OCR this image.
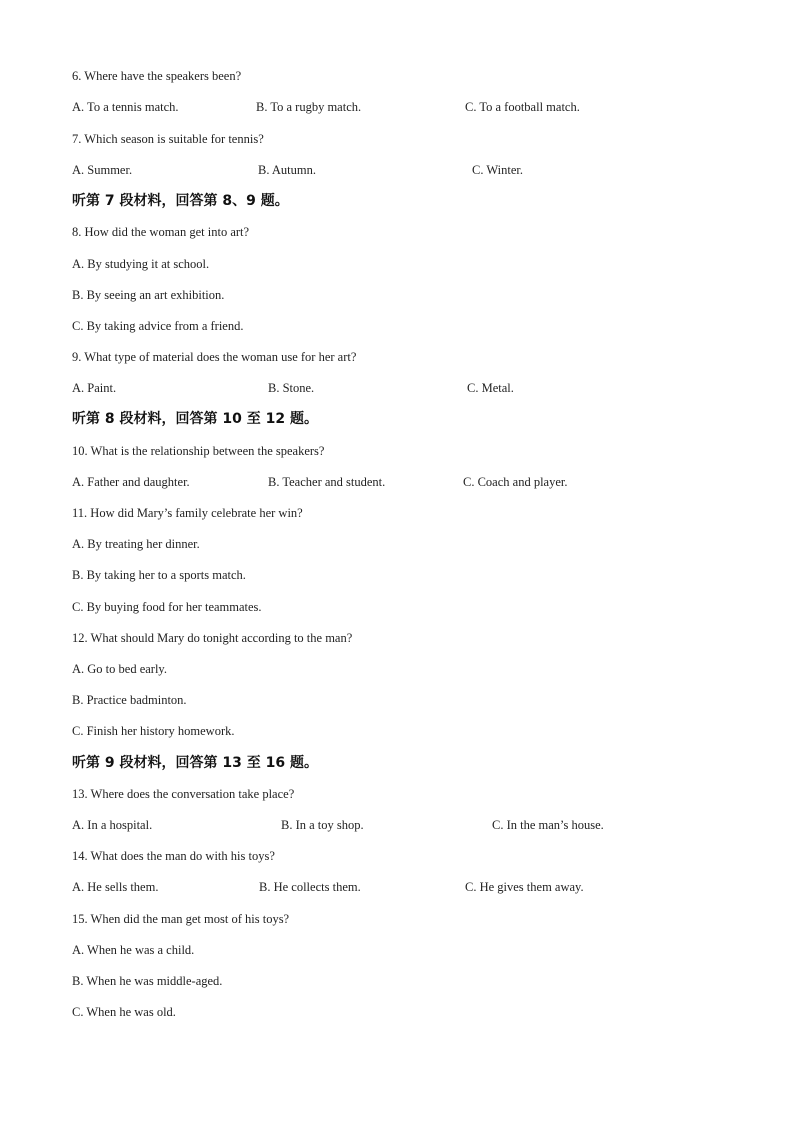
6. Where have the speakers been?
A. To a tennis match.	B. To a rugby match.	C. To a football match.
7. Which season is suitable for tennis?
A. Summer.	B. Autumn.	C. Winter.
听第 7 段材料，回答第 8、9 题。
8. How did the woman get into art?
A. By studying it at school.
B. By seeing an art exhibition.
C. By taking advice from a friend.
9. What type of material does the woman use for her art?
A. Paint.	B. Stone.	C. Metal.
听第 8 段材料，回答第 10 至 12 题。
10. What is the relationship between the speakers?
A. Father and daughter.	B. Teacher and student.	C. Coach and player.
11. How did Mary’s family celebrate her win?
A. By treating her dinner.
B. By taking her to a sports match.
C. By buying food for her teammates.
12. What should Mary do tonight according to the man?
A. Go to bed early.
B. Practice badminton.
C. Finish her history homework.
听第 9 段材料，回答第 13 至 16 题。
13. Where does the conversation take place?
A. In a hospital.	B. In a toy shop.	C. In the man’s house.
14. What does the man do with his toys?
A. He sells them.	B. He collects them.	C. He gives them away.
15. When did the man get most of his toys?
A. When he was a child.
B. When he was middle-aged.
C. When he was old.
